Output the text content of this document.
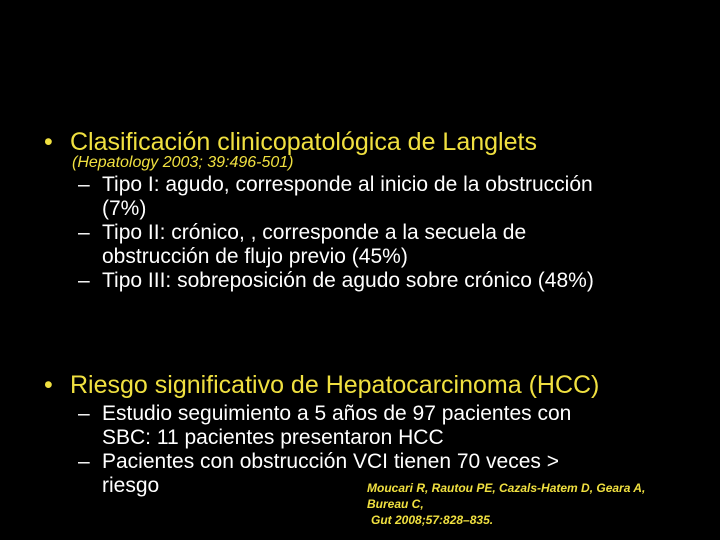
• Clasificación clinicopatológica de Langlets
(Hepatology 2003; 39:496-501)
– Tipo I: agudo, corresponde al inicio de la obstrucción
(7%)
– Tipo II: crónico, , corresponde a la secuela de
obstrucción de flujo previo (45%)
– Tipo III: sobreposición de agudo sobre crónico (48%)
• Riesgo significativo de Hepatocarcinoma (HCC)
– Estudio seguimiento a 5 años de 97 pacientes con
SBC: 11 pacientes presentaron HCC
– Pacientes con obstrucción VCI tienen 70 veces >
riesgo	Moucari R, Rautou PE, Cazals-Hatem D, Geara A,
Bureau C,
Gut 2008;57:828–835.
